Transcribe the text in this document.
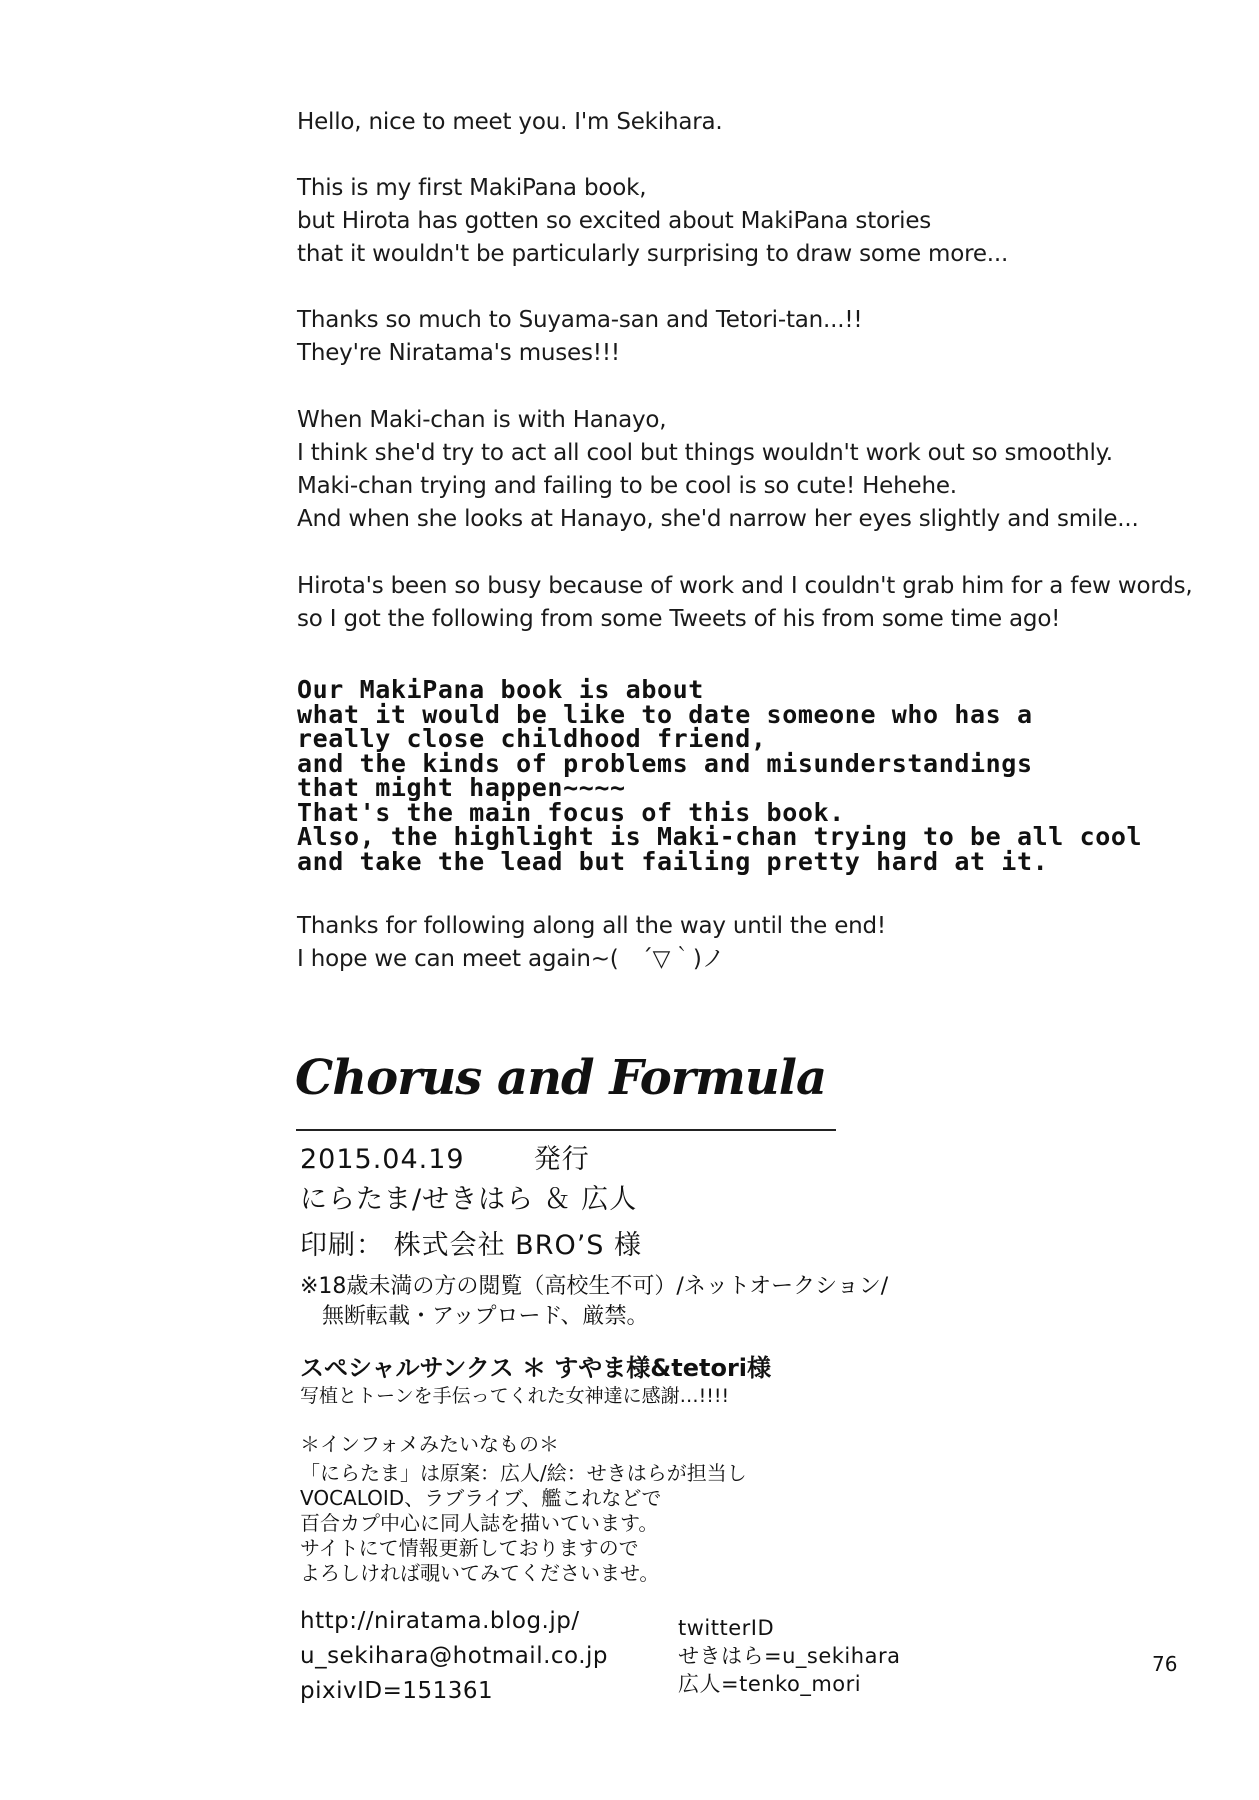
Hello, nice to meet you. I'm Sekihara.
This is my first MakiPana book,
but Hirota has gotten so excited about MakiPana stories
that it wouldn't be particularly surprising to draw some more...
Thanks so much to Suyama-san and Tetori-tan...!!
They're Niratama's muses!!!
When Maki-chan is with Hanayo,
I think she'd try to act all cool but things wouldn't work out so smoothly.
Maki-chan trying and failing to be cool is so cute! Hehehe.
And when she looks at Hanayo, she'd narrow her eyes slightly and smile...
Hirota's been so busy because of work and I couldn't grab him for a few words,
so I got the following from some Tweets of his from some time ago!
Our MakiPana book is about
what it would be like to date someone who has a
really close childhood friend,
and the kinds of problems and misunderstandings
that might happen~~~~
That's the main focus of this book.
Also, the highlight is Maki-chan trying to be all cool
and take the lead but failing pretty hard at it.
Thanks for following along all the way until the end!
I hope we can meet again~(　´▽｀)ノ
Chorus and Formula
2015.04.19	発行
にらたま/せきはら ＆ 広人
印刷： 株式会社 BRO’S 様
※18歳未満の方の閲覧（高校生不可）/ネットオークション/
　無断転載・アップロード、厳禁。
スペシャルサンクス ＊ すやま様&tetori様
写植とトーンを手伝ってくれた女神達に感謝…!!!!
＊インフォメみたいなもの＊
「にらたま」は原案：広人/絵：せきはらが担当し
VOCALOID、ラブライブ、艦これなどで
百合カプ中心に同人誌を描いています。
サイトにて情報更新しておりますので
よろしければ覗いてみてくださいませ。
http://niratama.blog.jp/
u_sekihara@hotmail.co.jp
pixivID=151361
twitterID
せきはら=u_sekihara
広人=tenko_mori
76
